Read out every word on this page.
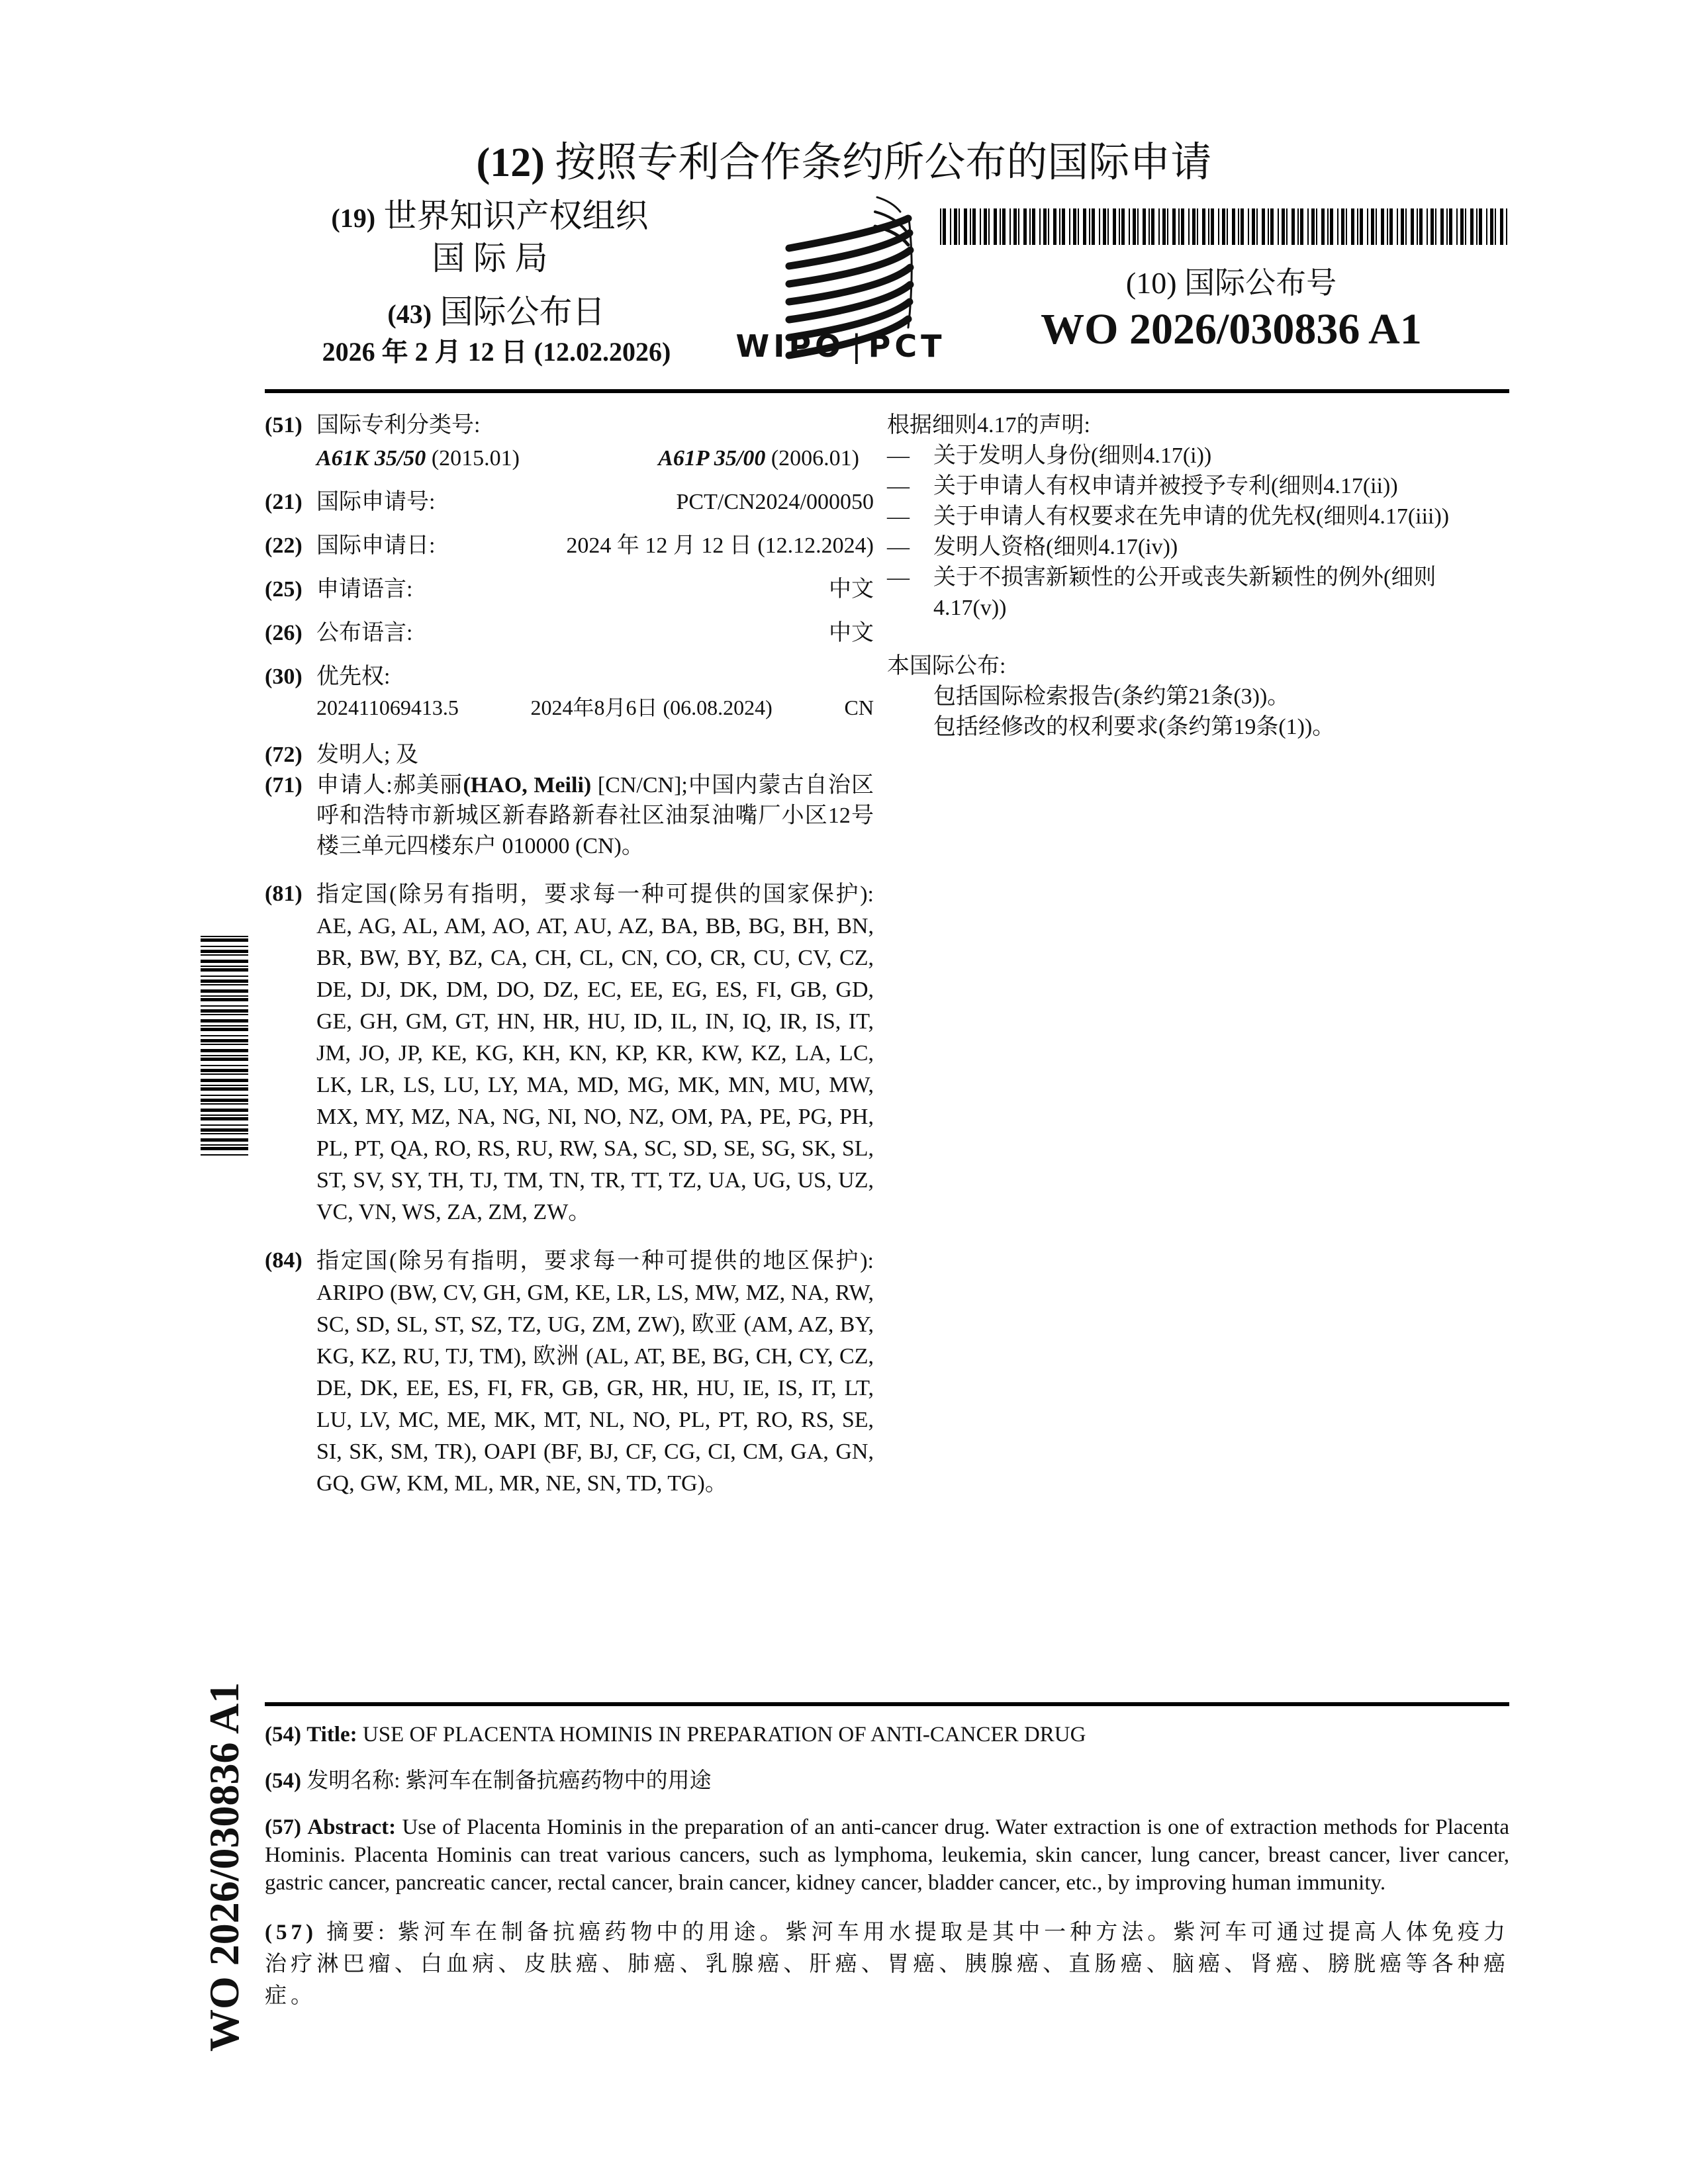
(12) 按照专利合作条约所公布的国际申请
(19) 世界知识产权组织
国 际 局
(43) 国际公布日
2026 年 2 月 12 日 (12.02.2026)	WIPO | PCT
(10) 国际公布号
WO 2026/030836 A1
(51) 国际专利分类号:
A61K 35/50 (2015.01)	A61P 35/00 (2006.01)
(21) 国际申请号:	PCT/CN2024/000050
(22) 国际申请日:	2024 年 12 月 12 日 (12.12.2024)
(25) 申请语言:	中文
(26) 公布语言:	中文
(30) 优先权:
202411069413.5	2024年8月6日 (06.08.2024)	CN
(72) 发明人; 及
(71) 申请人:郝美丽(HAO, Meili) [CN/CN];中国内蒙古自治区呼和浩特市新城区新春路新春社区油泵油嘴厂小区12号楼三单元四楼东户 010000 (CN)。
(81) 指定国(除另有指明，要求每一种可提供的国家保护): AE, AG, AL, AM, AO, AT, AU, AZ, BA, BB, BG, BH, BN, BR, BW, BY, BZ, CA, CH, CL, CN, CO, CR, CU, CV, CZ, DE, DJ, DK, DM, DO, DZ, EC, EE, EG, ES, FI, GB, GD, GE, GH, GM, GT, HN, HR, HU, ID, IL, IN, IQ, IR, IS, IT, JM, JO, JP, KE, KG, KH, KN, KP, KR, KW, KZ, LA, LC, LK, LR, LS, LU, LY, MA, MD, MG, MK, MN, MU, MW, MX, MY, MZ, NA, NG, NI, NO, NZ, OM, PA, PE, PG, PH, PL, PT, QA, RO, RS, RU, RW, SA, SC, SD, SE, SG, SK, SL, ST, SV, SY, TH, TJ, TM, TN, TR, TT, TZ, UA, UG, US, UZ, VC, VN, WS, ZA, ZM, ZW。
(84) 指定国(除另有指明，要求每一种可提供的地区保护): ARIPO (BW, CV, GH, GM, KE, LR, LS, MW, MZ, NA, RW, SC, SD, SL, ST, SZ, TZ, UG, ZM, ZW), 欧亚 (AM, AZ, BY, KG, KZ, RU, TJ, TM), 欧洲 (AL, AT, BE, BG, CH, CY, CZ, DE, DK, EE, ES, FI, FR, GB, GR, HR, HU, IE, IS, IT, LT, LU, LV, MC, ME, MK, MT, NL, NO, PL, PT, RO, RS, SE, SI, SK, SM, TR), OAPI (BF, BJ, CF, CG, CI, CM, GA, GN, GQ, GW, KM, ML, MR, NE, SN, TD, TG)。
根据细则4.17的声明:
—	关于发明人身份(细则4.17(i))
—	关于申请人有权申请并被授予专利(细则4.17(ii))
—	关于申请人有权要求在先申请的优先权(细则4.17(iii))
—	发明人资格(细则4.17(iv))
—	关于不损害新颖性的公开或丧失新颖性的例外(细则4.17(v))
本国际公布:
包括国际检索报告(条约第21条(3))。
包括经修改的权利要求(条约第19条(1))。
(54) Title: USE OF PLACENTA HOMINIS IN PREPARATION OF ANTI-CANCER DRUG
(54) 发明名称: 紫河车在制备抗癌药物中的用途
(57) Abstract: Use of Placenta Hominis in the preparation of an anti-cancer drug. Water extraction is one of extraction methods for Placenta Hominis. Placenta Hominis can treat various cancers, such as lymphoma, leukemia, skin cancer, lung cancer, breast cancer, liver cancer, gastric cancer, pancreatic cancer, rectal cancer, brain cancer, kidney cancer, bladder cancer, etc., by improving human immunity.
(57) 摘要: 紫河车在制备抗癌药物中的用途。紫河车用水提取是其中一种方法。紫河车可通过提高人体免疫力治疗淋巴瘤、白血病、皮肤癌、肺癌、乳腺癌、肝癌、胃癌、胰腺癌、直肠癌、脑癌、肾癌、膀胱癌等各种癌症。
WO 2026/030836 A1
